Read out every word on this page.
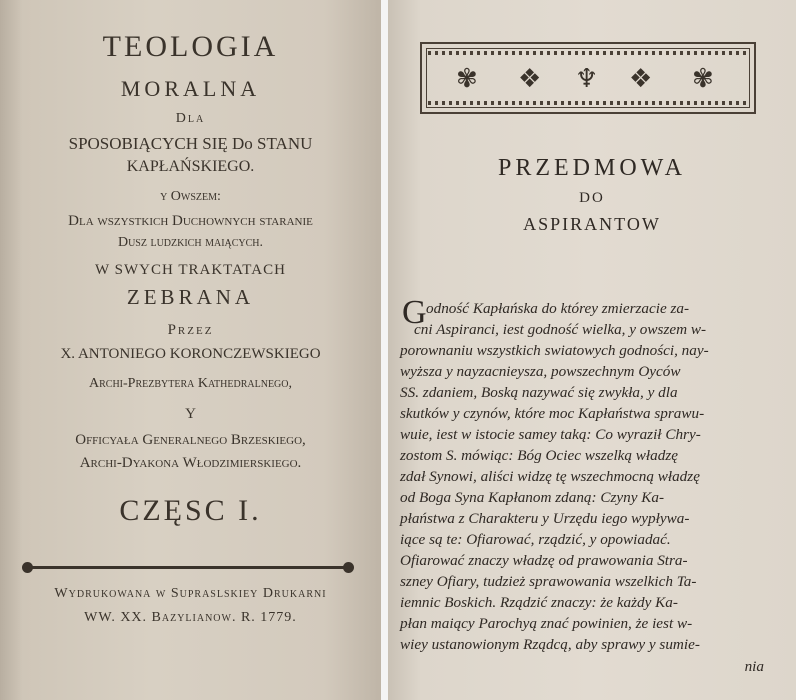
TEOLOGIA
MORALNA
Dla
SPOSOBIĄCYCH SIĘ Do STANU
KAPŁAŃSKIEGO.
y Owszem:
Dla wszystkich Duchownych staranie
Dusz ludzkich maiących.
W SWYCH TRAKTATACH
ZEBRANA
Przez
X. ANTONIEGO KORONCZEWSKIEGO
Archi-Prezbytera Kathedralnego,
Y
Officyała Generalnego Brzeskiego,
Archi-Dyakona Włodzimierskiego.
CZĘSC I.
Wydrukowana w Supraslskiey Drukarni
WW. XX. Bazylianow. R. 1779.
✾ ❖ ♆ ❖ ✾
PRZEDMOWA
DO
ASPIRANTOW
G odność Kapłańska do którey zmierzacie za-
cni Aspiranci, iest godność wielka, y owszem w-
porownaniu wszystkich swiatowych godności, nay-
wyższa y nayzacnieysza, powszechnym Oyców
SS. zdaniem, Boską nazywać się zwykła, y dla
skutków y czynów, które moc Kapłaństwa sprawu-
wuie, iest w istocie samey taką: Co wyraził Chry-
zostom S. mówiąc: Bóg Ociec wszelką władzę
zdał Synowi, aliści widzę tę wszechmocną władzę
od Boga Syna Kapłanom zdaną: Czyny Ka-
płaństwa z Charakteru y Urzędu iego wypływa-
iące są te: Ofiarować, rządzić, y opowiadać.
Ofiarować znaczy władzę od prawowania Stra-
szney Ofiary, tudzież sprawowania wszelkich Ta-
iemnic Boskich. Rządzić znaczy: że każdy Ka-
płan maiący Parochyą znać powinien, że iest w-
wiey ustanowionym Rządcą, aby sprawy y sumie-
nia
